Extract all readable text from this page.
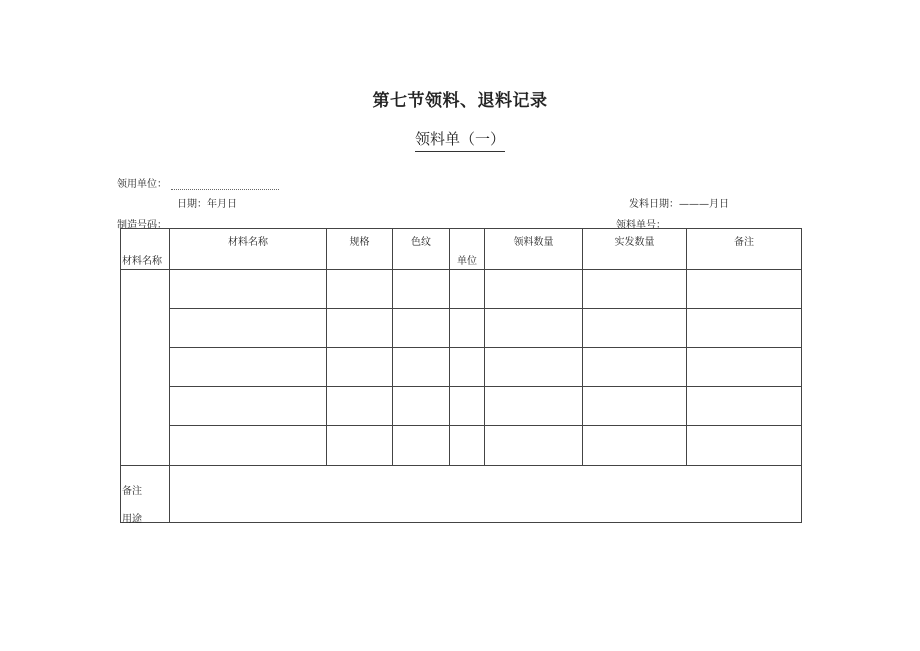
第七节领料、退料记录
领料单（一）
领用单位：
日期：年月日	发料日期：———月日
制造号码：	领料单号：
材料名称	材料名称	规格	色纹	单位	领料数量	实发数量	备注

备注
用途							
